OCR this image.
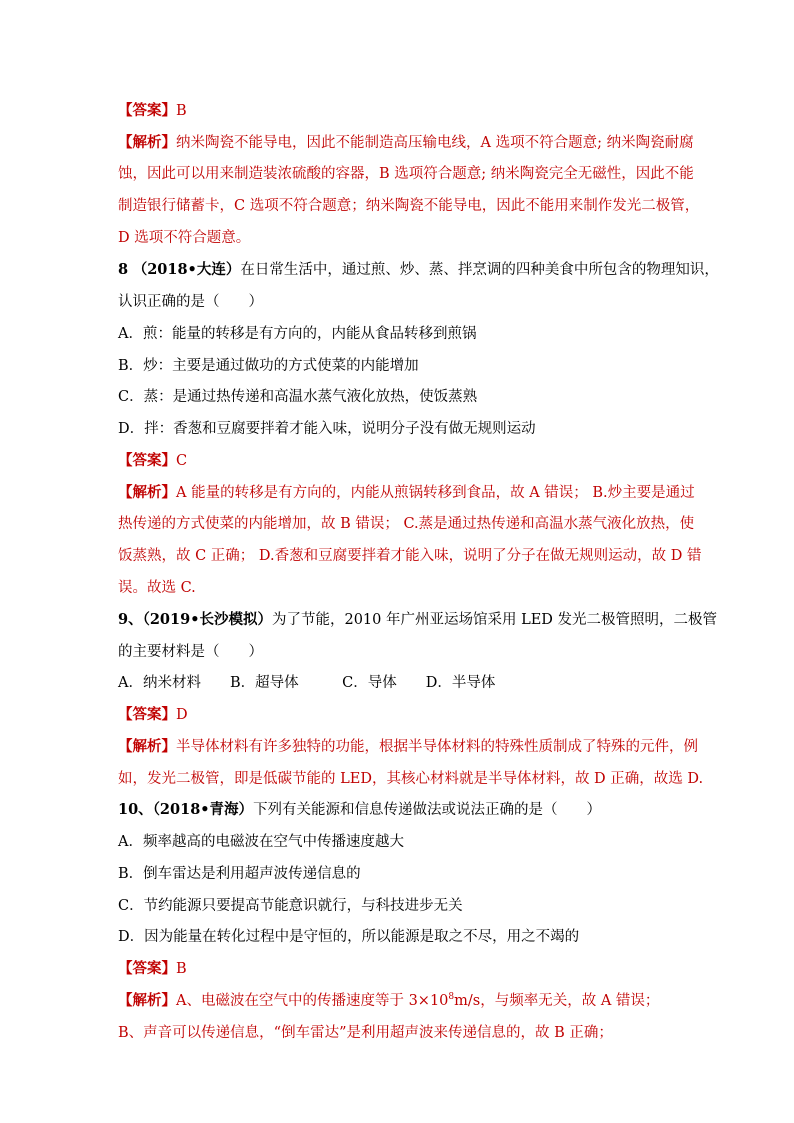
【答案】B
【解析】纳米陶瓷不能导电，因此不能制造高压输电线，A 选项不符合题意; 纳米陶瓷耐腐
蚀，因此可以用来制造装浓硫酸的容器，B 选项符合题意; 纳米陶瓷完全无磁性，因此不能
制造银行储蓄卡，C 选项不符合题意；纳米陶瓷不能导电，因此不能用来制作发光二极管，
D 选项不符合题意。
8 （2018•大连）在日常生活中，通过煎、炒、蒸、拌烹调的四种美食中所包含的物理知识，
认识正确的是（　　）
A．煎：能量的转移是有方向的，内能从食品转移到煎锅
B．炒：主要是通过做功的方式使菜的内能增加
C．蒸：是通过热传递和高温水蒸气液化放热，使饭蒸熟
D．拌：香葱和豆腐要拌着才能入味，说明分子没有做无规则运动
【答案】C
【解析】A 能量的转移是有方向的，内能从煎锅转移到食品，故 A 错误； B.炒主要是通过
热传递的方式使菜的内能增加，故 B 错误； C.蒸是通过热传递和高温水蒸气液化放热，使
饭蒸熟，故 C 正确； D.香葱和豆腐要拌着才能入味，说明了分子在做无规则运动，故 D 错
误。故选 C.
9、（2019•长沙模拟）为了节能，2010 年广州亚运场馆采用 LED 发光二极管照明，二极管
的主要材料是（　　）
A．纳米材料　　B．超导体　　　C．导体　　D．半导体
【答案】D
【解析】半导体材料有许多独特的功能，根据半导体材料的特殊性质制成了特殊的元件，例
如，发光二极管，即是低碳节能的 LED，其核心材料就是半导体材料，故 D 正确，故选 D.
10、（2018•青海）下列有关能源和信息传递做法或说法正确的是（　　）
A．频率越高的电磁波在空气中传播速度越大
B．倒车雷达是利用超声波传递信息的
C．节约能源只要提高节能意识就行，与科技进步无关
D．因为能量在转化过程中是守恒的，所以能源是取之不尽，用之不竭的
【答案】B
【解析】A、电磁波在空气中的传播速度等于 $3\times 10^8m/s$，与频率无关，故 A 错误；
B、声音可以传递信息，“倒车雷达”是利用超声波来传递信息的，故 B 正确；
